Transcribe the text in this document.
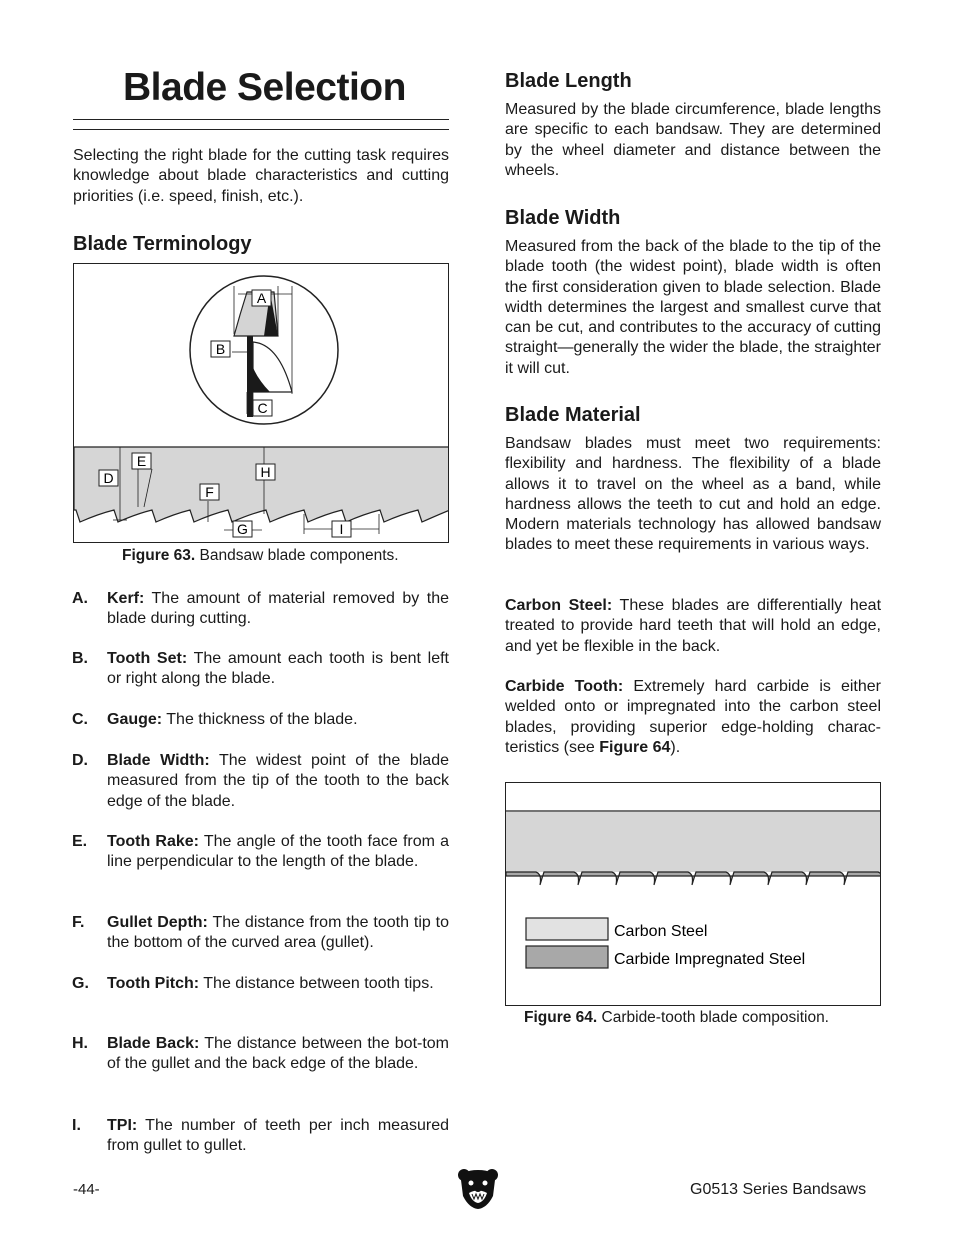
Blade Selection
Selecting the right blade for the cutting task requires knowledge about blade characteristics and cutting priorities (i.e. speed, finish, etc.).
Blade Terminology
A
B
C
D
E
F
G
H
I
Figure 63. Bandsaw blade components.
A. Kerf: The amount of material removed by the blade during cutting.
B. Tooth Set: The amount each tooth is bent left or right along the blade.
C. Gauge: The thickness of the blade.
D. Blade Width: The widest point of the blade measured from the tip of the tooth to the back edge of the blade.
E. Tooth Rake: The angle of the tooth face from a line perpendicular to the length of the blade.
F. Gullet Depth: The distance from the tooth tip to the bottom of the curved area (gullet).
G. Tooth Pitch: The distance between tooth tips.
H. Blade Back: The distance between the bot-tom of the gullet and the back edge of the blade.
I. TPI: The number of teeth per inch measured from gullet to gullet.
Blade Length
Measured by the blade circumference, blade lengths are specific to each bandsaw. They are determined by the wheel diameter and distance between the wheels.
Blade Width
Measured from the back of the blade to the tip of the blade tooth (the widest point), blade width is often the first consideration given to blade selection. Blade width determines the largest and smallest curve that can be cut, and contributes to the accuracy of cutting straight—generally the wider the blade, the straighter it will cut.
Blade Material
Bandsaw blades must meet two requirements: flexibility and hardness. The flexibility of a blade allows it to travel on the wheel as a band, while hardness allows the teeth to cut and hold an edge. Modern materials technology has allowed bandsaw blades to meet these requirements in various ways.
Carbon Steel: These blades are differentially heat treated to provide hard teeth that will hold an edge, and yet be flexible in the back.
Carbide Tooth: Extremely hard carbide is either welded onto or impregnated into the carbon steel blades, providing superior edge-holding charac-teristics (see Figure 64).
Carbon Steel
Carbide Impregnated Steel
Figure 64. Carbide-tooth blade composition.
-44-	G0513 Series Bandsaws
